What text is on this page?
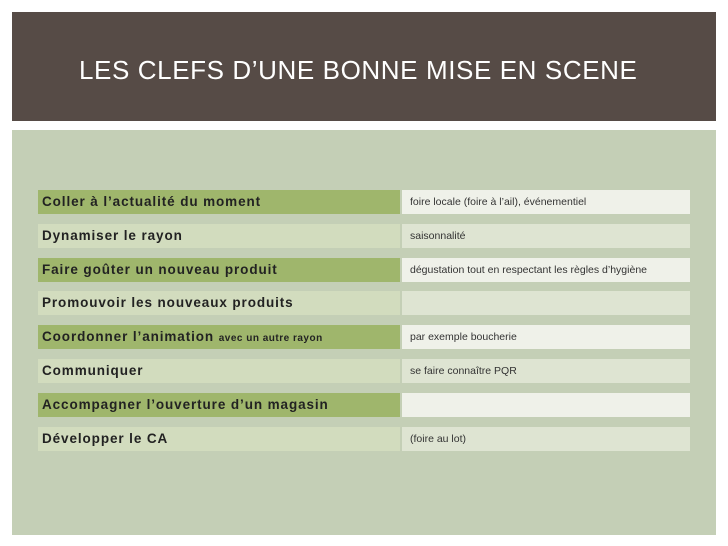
LES CLEFS D’UNE BONNE MISE EN SCENE
Coller à l’actualité du moment	foire locale (foire à l’ail), événementiel
Dynamiser le rayon	saisonnalité
Faire goûter un nouveau produit	dégustation tout en respectant les règles d’hygiène
Promouvoir les nouveaux produits
Coordonner l’animation avec un autre rayon	par exemple boucherie
Communiquer	se faire connaître PQR
Accompagner l’ouverture d’un magasin
Développer le CA	(foire au lot)
